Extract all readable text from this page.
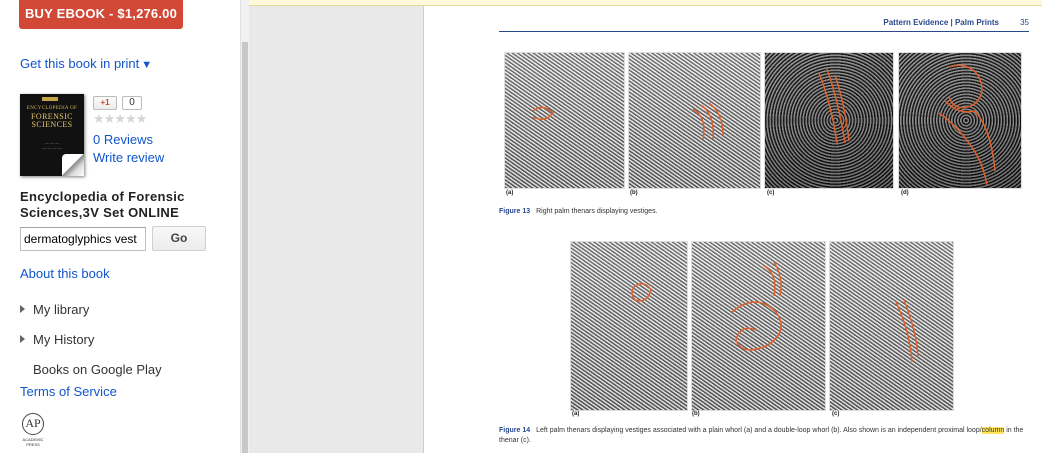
BUY EBOOK - $1,276.00
Get this book in print ▼
ENCYCLOPEDIA OF
FORENSIC SCIENCES
— — —
— — — —
+1	0
★★★★★
0 Reviews
Write review
Encyclopedia of Forensic Sciences,3V Set ONLINE
dermatoglyphics vest
Go
About this book
My library
My History
Books on Google Play
Terms of Service
AP
ACADEMIC PRESS
Pattern Evidence | Palm Prints	35
(a)	(b)	(c)	(d)
Figure 13 Right palm thenars displaying vestiges.
(a)	(b)	(c)
Figure 14 Left palm thenars displaying vestiges associated with a plain whorl (a) and a double-loop whorl (b). Also shown is an independent proximal loop/column in the thenar (c).
